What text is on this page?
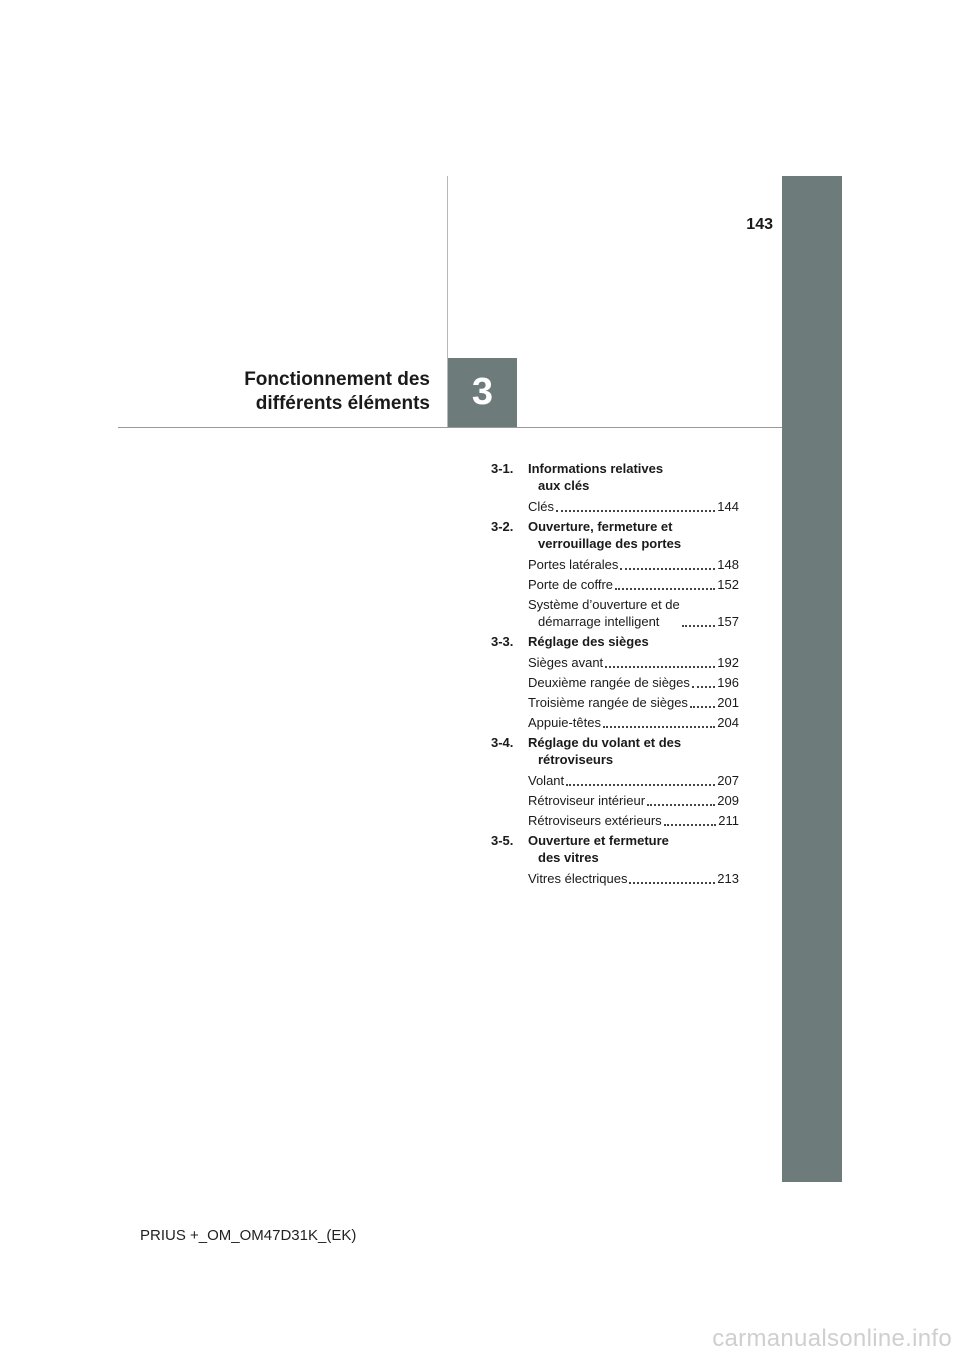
143
Fonctionnement des
différents éléments 3
3-1.	Informations relatives
aux clés
Clés	144
3-2.	Ouverture, fermeture et
verrouillage des portes
Portes latérales	148
Porte de coffre	152
Système d’ouverture et de
démarrage intelligent	157
3-3.	Réglage des sièges
Sièges avant	192
Deuxième rangée de sièges 196
Troisième rangée de sièges 201
Appuie-têtes	204
3-4.	Réglage du volant et des
rétroviseurs
Volant	207
Rétroviseur intérieur	209
Rétroviseurs extérieurs	211
3-5.	Ouverture et fermeture
des vitres
Vitres électriques	213
PRIUS +_OM_OM47D31K_(EK)
carmanualsonline.info
